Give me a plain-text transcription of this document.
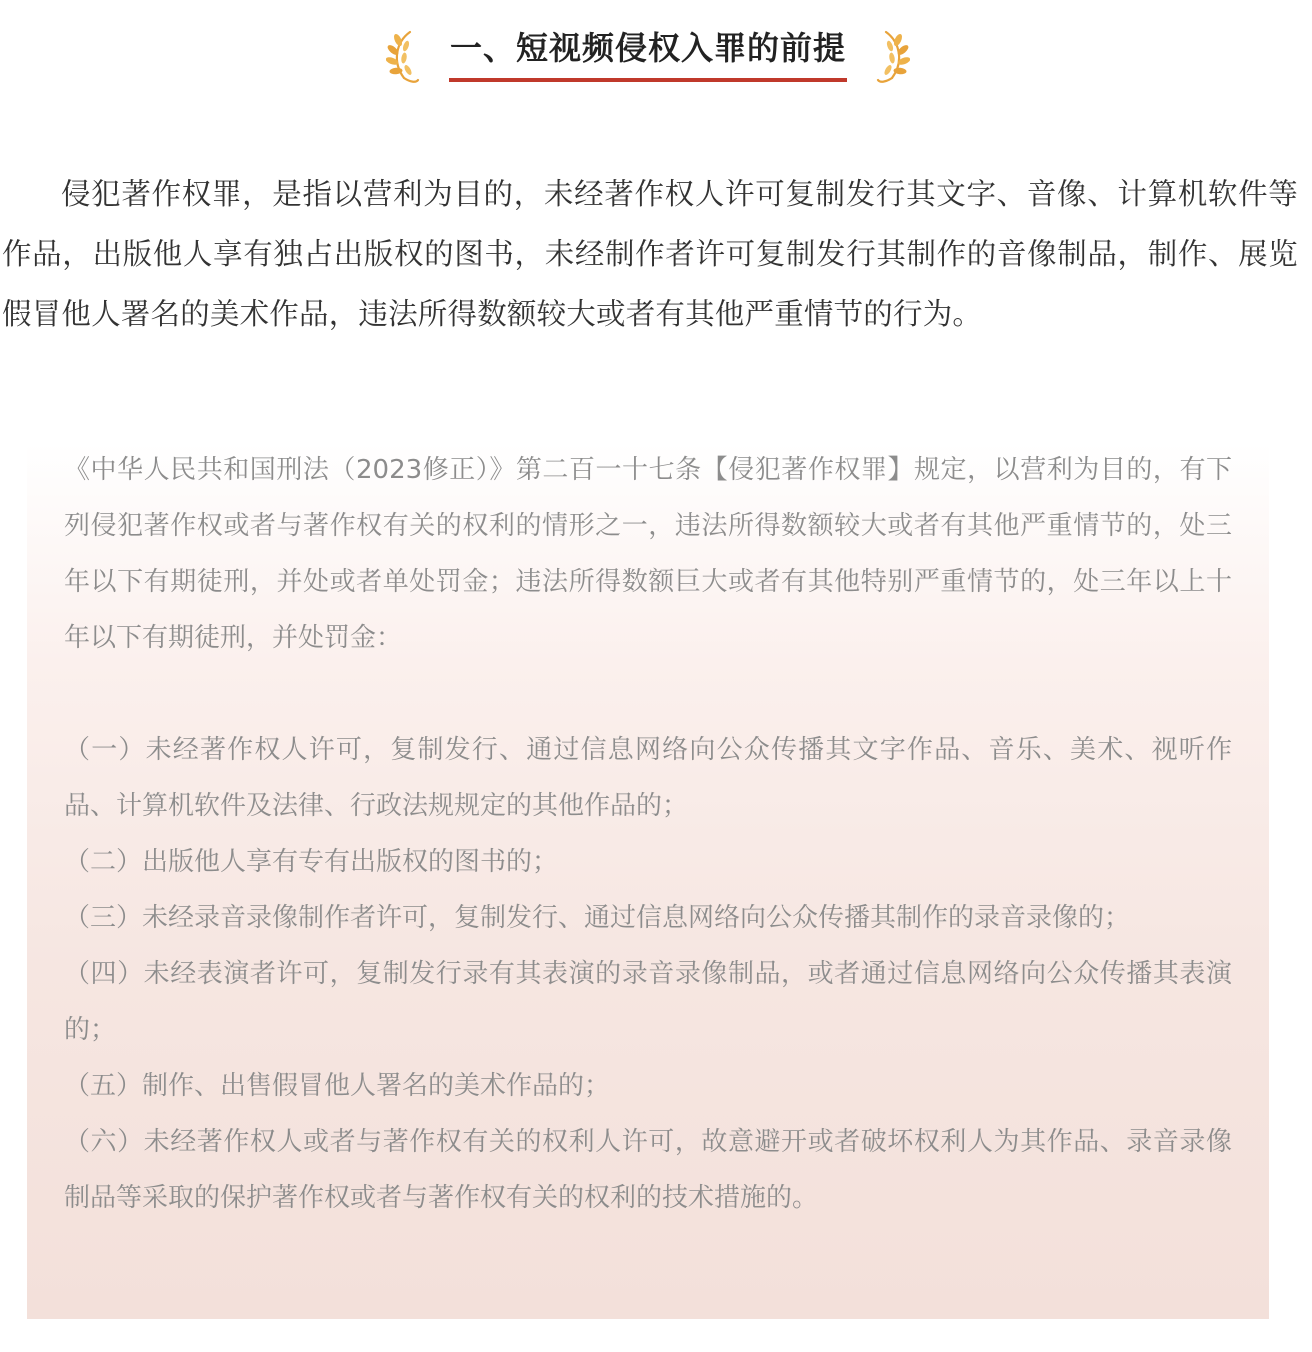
一、短视频侵权入罪的前提

侵犯著作权罪，是指以营利为目的，未经著作权人许可复制发行其文字、音像、计算机软件等作品，出版他人享有独占出版权的图书，未经制作者许可复制发行其制作的音像制品，制作、展览假冒他人署名的美术作品，违法所得数额较大或者有其他严重情节的行为。

《中华人民共和国刑法（2023修正）》第二百一十七条【侵犯著作权罪】规定，以营利为目的，有下列侵犯著作权或者与著作权有关的权利的情形之一，违法所得数额较大或者有其他严重情节的，处三年以下有期徒刑，并处或者单处罚金；违法所得数额巨大或者有其他特别严重情节的，处三年以上十年以下有期徒刑，并处罚金：

（一）未经著作权人许可，复制发行、通过信息网络向公众传播其文字作品、音乐、美术、视听作品、计算机软件及法律、行政法规规定的其他作品的；

（二）出版他人享有专有出版权的图书的；

（三）未经录音录像制作者许可，复制发行、通过信息网络向公众传播其制作的录音录像的；

（四）未经表演者许可，复制发行录有其表演的录音录像制品，或者通过信息网络向公众传播其表演的；

（五）制作、出售假冒他人署名的美术作品的；

（六）未经著作权人或者与著作权有关的权利人许可，故意避开或者破坏权利人为其作品、录音录像制品等采取的保护著作权或者与著作权有关的权利的技术措施的。
